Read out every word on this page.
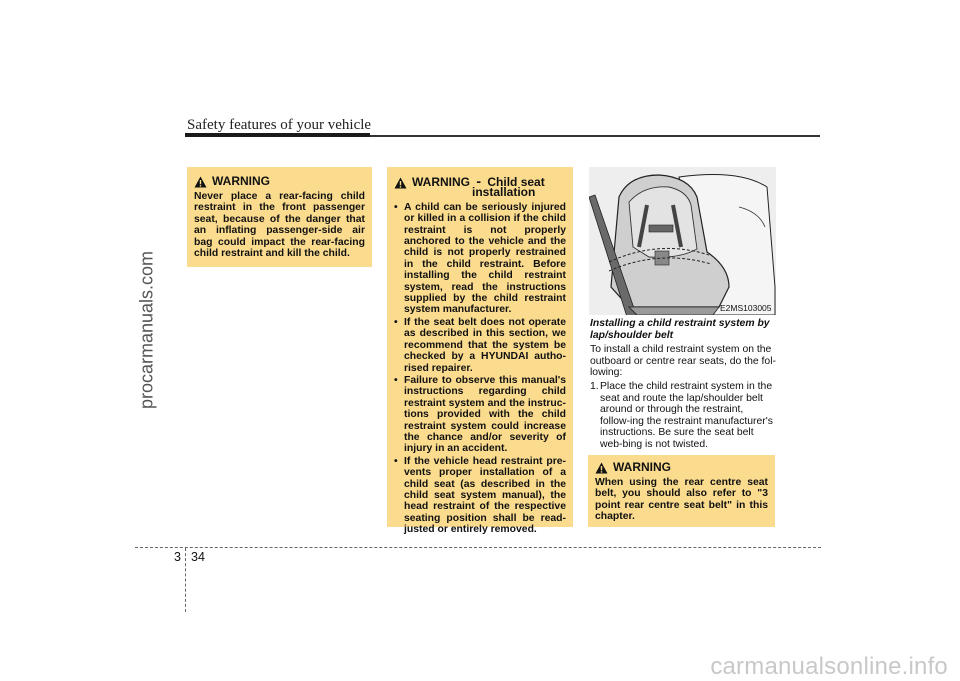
Safety features of your vehicle
procarmanuals.com
WARNING

Never place a rear-facing child restraint in the front passenger seat, because of the danger that an inflating passenger-side air bag could impact the rear-facing child restraint and kill the child.

WARNING - Child seat
installation
• A child can be seriously injured or killed in a collision if the child restraint is not properly anchored to the vehicle and the child is not properly restrained in the child restraint. Before installing the child restraint system, read the instructions supplied by the child restraint system manufacturer.
• If the seat belt does not operate as described in this section, we recommend that the system be checked by a HYUNDAI autho-rised repairer.
• Failure to observe this manual's instructions regarding child restraint system and the instruc-tions provided with the child restraint system could increase the chance and/or severity of injury in an accident.
• If the vehicle head restraint pre-vents proper installation of a child seat (as described in the child seat system manual), the head restraint of the respective seating position shall be read-justed or entirely removed.
E2MS103005

Installing a child restraint system by lap/shoulder belt

To install a child restraint system on the outboard or centre rear seats, do the fol-lowing:

1. Place the child restraint system in the seat and route the lap/shoulder belt around or through the restraint, follow-ing the restraint manufacturer's instructions. Be sure the seat belt web-bing is not twisted.
WARNING

When using the rear centre seat belt, you should also refer to "3 point rear centre seat belt" in this chapter.

3 34
carmanualsonline.info
